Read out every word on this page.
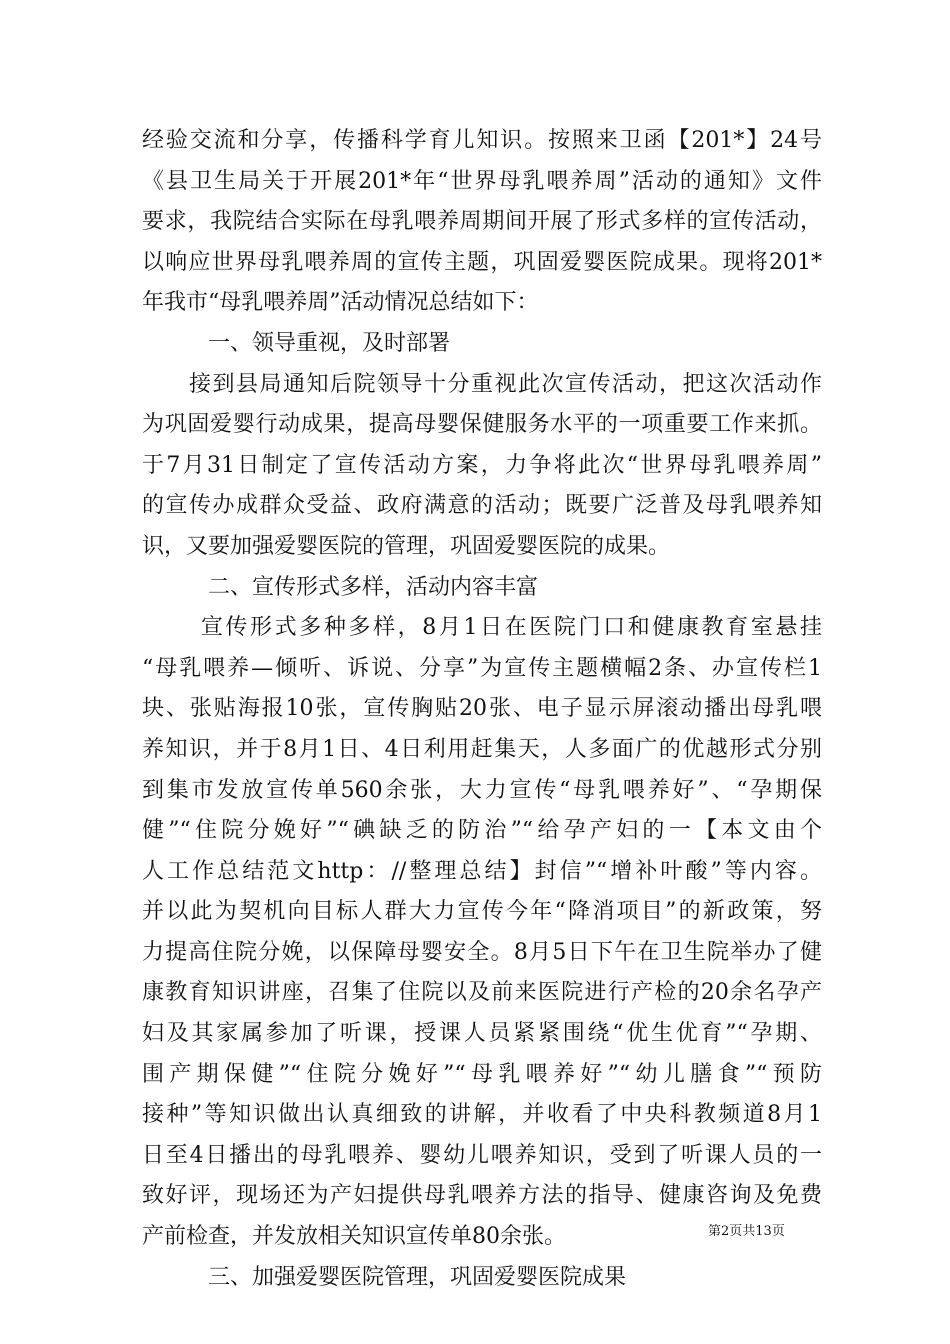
经验交流和分享，传播科学育儿知识。按照来卫函【201*】24号
《县卫生局关于开展201*年“世界母乳喂养周”活动的通知》文件
要求，我院结合实际在母乳喂养周期间开展了形式多样的宣传活动，
以响应世界母乳喂养周的宣传主题，巩固爱婴医院成果。现将201*
年我市“母乳喂养周”活动情况总结如下：
　　　一、领导重视，及时部署
　　接到县局通知后院领导十分重视此次宣传活动，把这次活动作
为巩固爱婴行动成果，提高母婴保健服务水平的一项重要工作来抓。
于7月31日制定了宣传活动方案，力争将此次“世界母乳喂养周”
的宣传办成群众受益、政府满意的活动；既要广泛普及母乳喂养知
识，又要加强爱婴医院的管理，巩固爱婴医院的成果。
　　　二、宣传形式多样，活动内容丰富
　　 宣传形式多种多样，8月1日在医院门口和健康教育室悬挂
“母乳喂养—倾听、诉说、分享”为宣传主题横幅2条、办宣传栏1
块、张贴海报10张，宣传胸贴20张、电子显示屏滚动播出母乳喂
养知识，并于8月1日、4日利用赶集天，人多面广的优越形式分别
到集市发放宣传单560余张，大力宣传“母乳喂养好”、“孕期保
健”“住院分娩好”“碘缺乏的防治”“给孕产妇的一【本文由个
人工作总结范文http：//整理总结】封信”“增补叶酸”等内容。
并以此为契机向目标人群大力宣传今年“降消项目”的新政策，努
力提高住院分娩，以保障母婴安全。8月5日下午在卫生院举办了健
康教育知识讲座，召集了住院以及前来医院进行产检的20余名孕产
妇及其家属参加了听课，授课人员紧紧围绕“优生优育”“孕期、
围产期保健”“住院分娩好”“母乳喂养好”“幼儿膳食”“预防
接种”等知识做出认真细致的讲解，并收看了中央科教频道8月1
日至4日播出的母乳喂养、婴幼儿喂养知识，受到了听课人员的一
致好评，现场还为产妇提供母乳喂养方法的指导、健康咨询及免费
产前检查，并发放相关知识宣传单80余张。
　　　三、加强爱婴医院管理，巩固爱婴医院成果
第2页共13页
